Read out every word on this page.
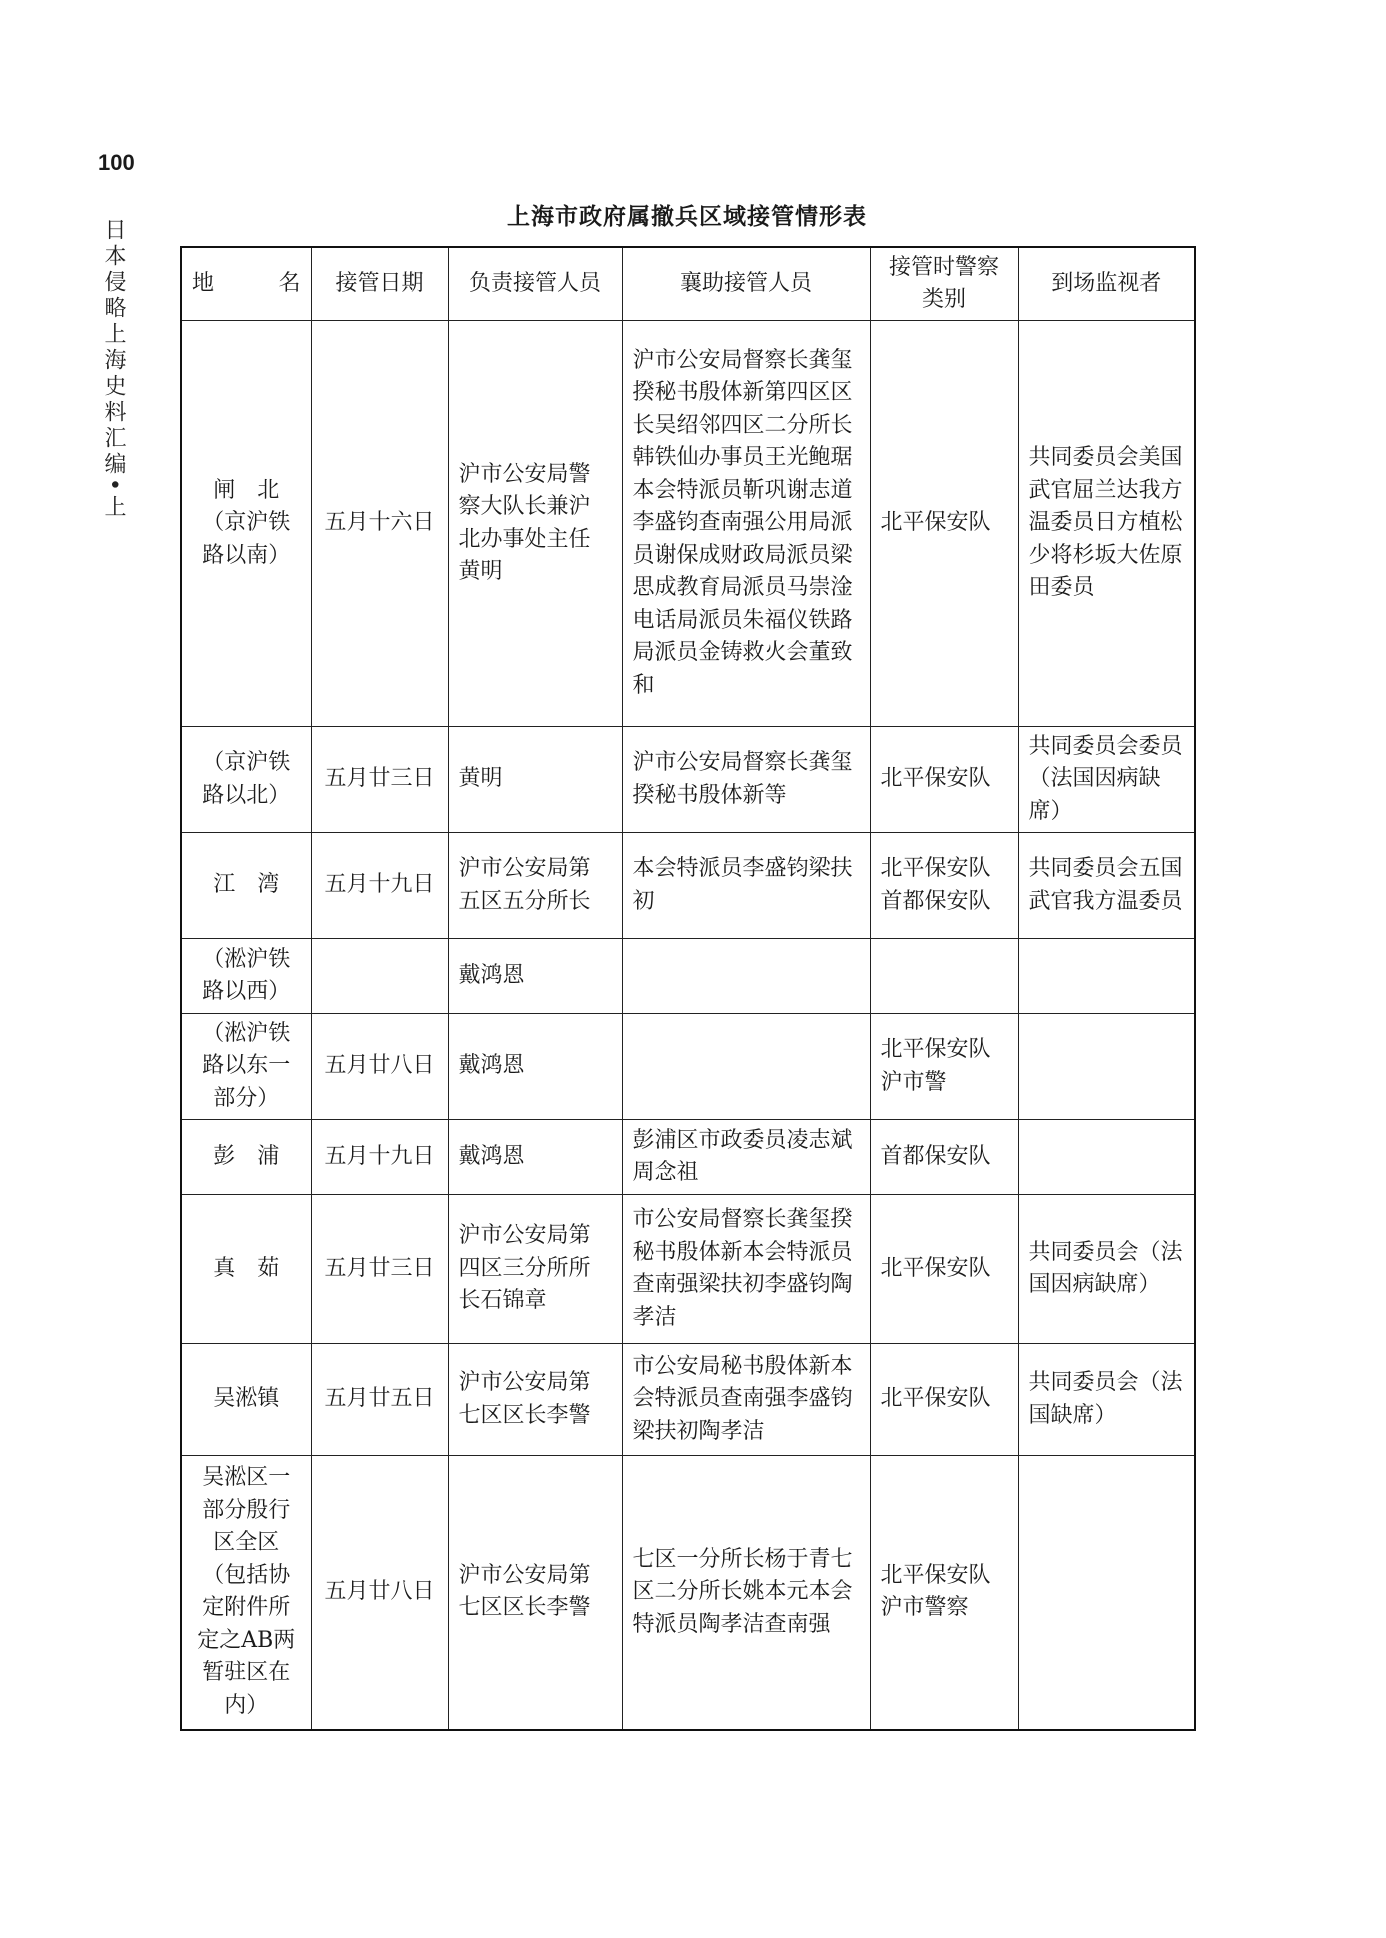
100
日本侵略上海史料汇编•上
上海市政府属撤兵区域接管情形表
地　　名	接管日期	负责接管人员	襄助接管人员	接管时警察类别	到场监视者
闸　北（京沪铁路以南）	五月十六日	沪市公安局警察大队长兼沪北办事处主任黄明	沪市公安局督察长龚玺揆秘书殷体新第四区区长吴绍邻四区二分所长韩铁仙办事员王光鲍琚本会特派员靳巩谢志道李盛钧查南强公用局派员谢保成财政局派员梁思成教育局派员马崇淦电话局派员朱福仪铁路局派员金铸救火会董致和	北平保安队	共同委员会美国武官屈兰达我方温委员日方植松少将杉坂大佐原田委员
（京沪铁路以北）	五月廿三日	黄明	沪市公安局督察长龚玺揆秘书殷体新等	北平保安队	共同委员会委员（法国因病缺席）
江　湾	五月十九日	沪市公安局第五区五分所长	本会特派员李盛钧梁扶初	北平保安队首都保安队	共同委员会五国武官我方温委员
（淞沪铁路以西）		戴鸿恩			
（淞沪铁路以东一部分）	五月廿八日	戴鸿恩		北平保安队沪市警	
彭　浦	五月十九日	戴鸿恩	彭浦区市政委员凌志斌周念祖	首都保安队	
真　茹	五月廿三日	沪市公安局第四区三分所所长石锦章	市公安局督察长龚玺揆秘书殷体新本会特派员查南强梁扶初李盛钧陶孝洁	北平保安队	共同委员会（法国因病缺席）
吴淞镇	五月廿五日	沪市公安局第七区区长李警	市公安局秘书殷体新本会特派员查南强李盛钧梁扶初陶孝洁	北平保安队	共同委员会（法国缺席）
吴淞区一部分殷行区全区（包括协定附件所定之AB两暂驻区在内）	五月廿八日	沪市公安局第七区区长李警	七区一分所长杨于青七区二分所长姚本元本会特派员陶孝洁查南强	北平保安队沪市警察	
